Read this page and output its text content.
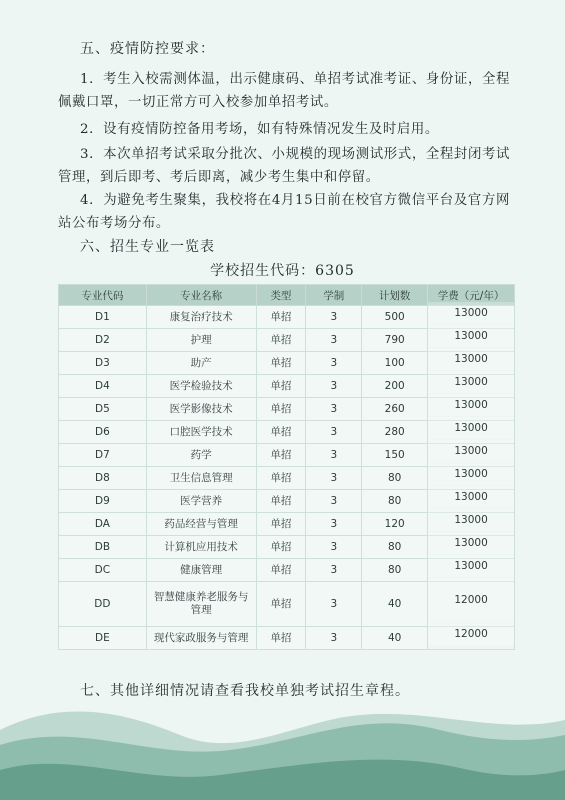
五、疫情防控要求：
1．考生入校需测体温，出示健康码、单招考试准考证、身份证，全程佩戴口罩，一切正常方可入校参加单招考试。
2．设有疫情防控备用考场，如有特殊情况发生及时启用。
3．本次单招考试采取分批次、小规模的现场测试形式，全程封闭考试管理，到后即考、考后即离，减少考生集中和停留。
4．为避免考生聚集，我校将在4月15日前在校官方微信平台及官方网站公布考场分布。
六、招生专业一览表
学校招生代码：6305
专业代码	专业名称	类型	学制	计划数	学费（元/年）
D1	康复治疗技术	单招	3	500	13000
D2	护理	单招	3	790	13000
D3	助产	单招	3	100	13000
D4	医学检验技术	单招	3	200	13000
D5	医学影像技术	单招	3	260	13000
D6	口腔医学技术	单招	3	280	13000
D7	药学	单招	3	150	13000
D8	卫生信息管理	单招	3	80	13000
D9	医学营养	单招	3	80	13000
DA	药品经营与管理	单招	3	120	13000
DB	计算机应用技术	单招	3	80	13000
DC	健康管理	单招	3	80	13000
DD	智慧健康养老服务与管理	单招	3	40	12000
DE	现代家政服务与管理	单招	3	40	12000
七、其他详细情况请查看我校单独考试招生章程。
